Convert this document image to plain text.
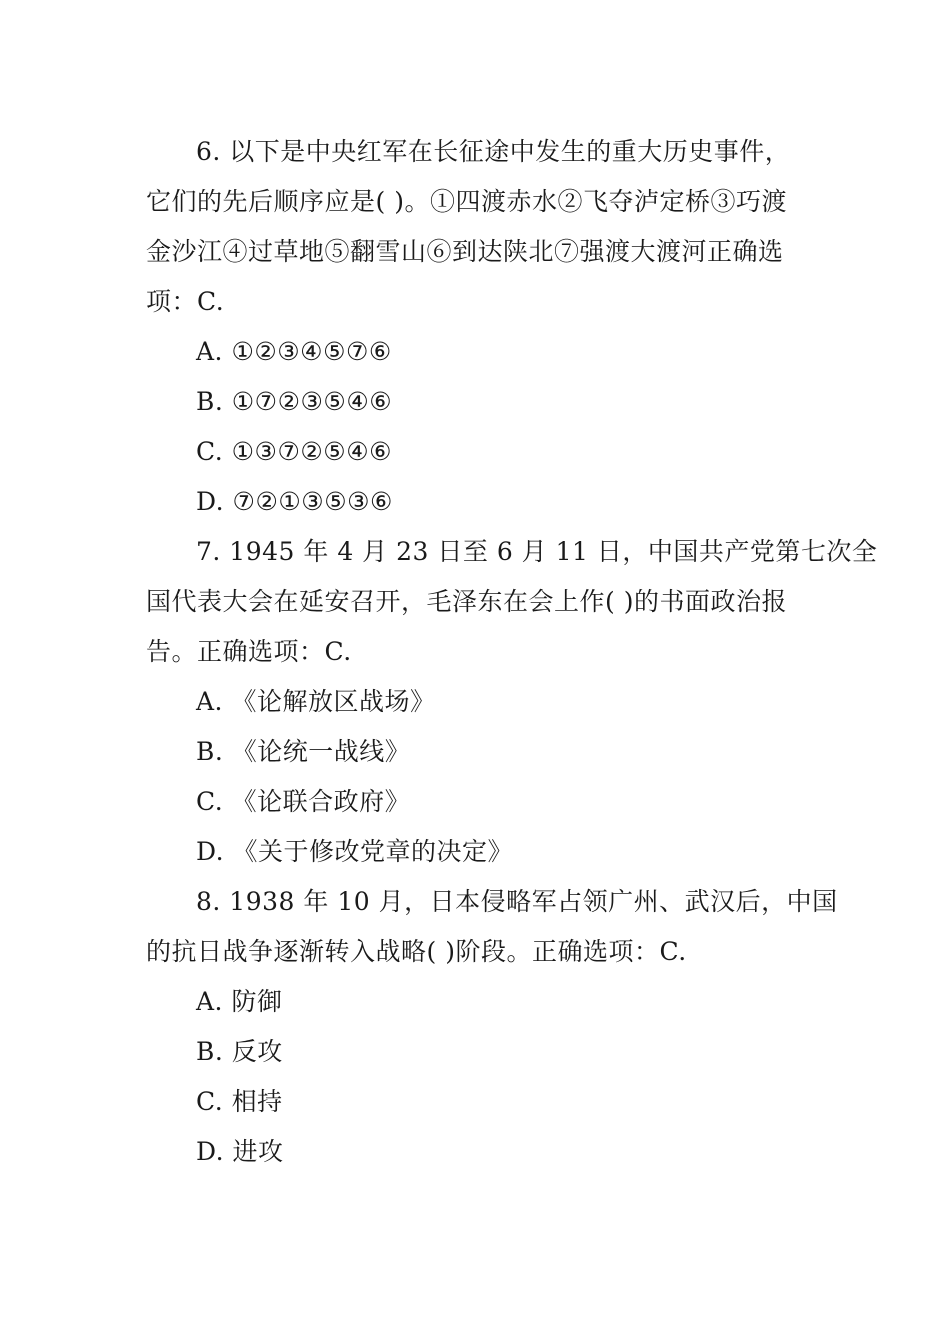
6. 以下是中央红军在长征途中发生的重大历史事件，
它们的先后顺序应是( )。①四渡赤水②飞夺泸定桥③巧渡
金沙江④过草地⑤翻雪山⑥到达陕北⑦强渡大渡河正确选
项：C.
A. ①②③④⑤⑦⑥
B. ①⑦②③⑤④⑥
C. ①③⑦②⑤④⑥
D. ⑦②①③⑤③⑥
7. 1945 年 4 月 23 日至 6 月 11 日，中国共产党第七次全
国代表大会在延安召开，毛泽东在会上作( )的书面政治报
告。正确选项：C.
A. 《论解放区战场》
B. 《论统一战线》
C. 《论联合政府》
D. 《关于修改党章的决定》
8. 1938 年 10 月，日本侵略军占领广州、武汉后，中国
的抗日战争逐渐转入战略( )阶段。正确选项：C.
A. 防御
B. 反攻
C. 相持
D. 进攻
